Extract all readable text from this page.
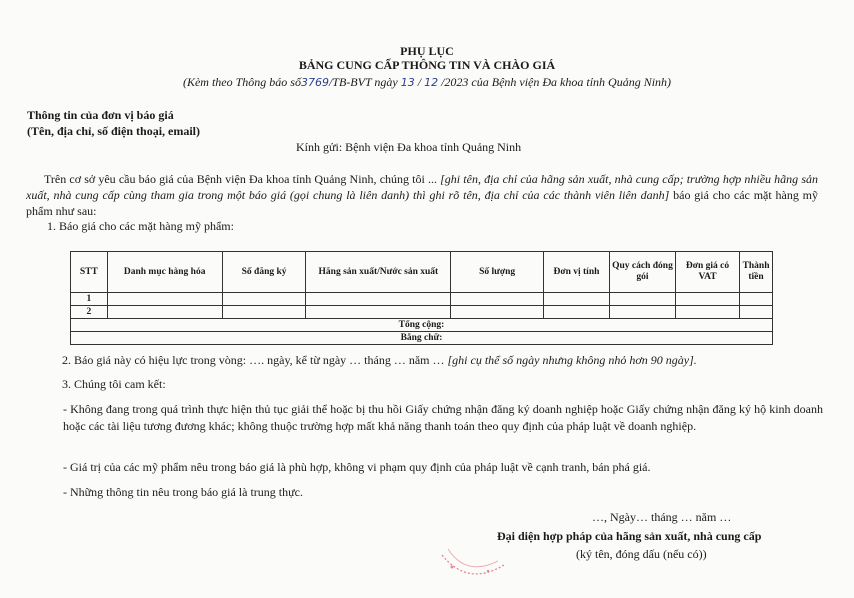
PHỤ LỤC
BẢNG CUNG CẤP THÔNG TIN VÀ CHÀO GIÁ
(Kèm theo Thông báo số3769/TB-BVT ngày 13 / 12 /2023 của Bệnh viện Đa khoa tỉnh Quảng Ninh)
Thông tin của đơn vị báo giá
(Tên, địa chỉ, số điện thoại, email)
Kính gửi: Bệnh viện Đa khoa tỉnh Quảng Ninh
Trên cơ sở yêu cầu báo giá của Bệnh viện Đa khoa tỉnh Quảng Ninh, chúng tôi ... [ghi tên, địa chỉ của hãng sản xuất, nhà cung cấp; trường hợp nhiều hãng sản xuất, nhà cung cấp cùng tham gia trong một báo giá (gọi chung là liên danh) thì ghi rõ tên, địa chỉ của các thành viên liên danh] báo giá cho các mặt hàng mỹ phẩm như sau:
1. Báo giá cho các mặt hàng mỹ phẩm:
STT	Danh mục hàng hóa	Số đăng ký	Hãng sản xuất/Nước sản xuất	Số lượng	Đơn vị tính	Quy cách đóng gói	Đơn giá có VAT	Thành tiền
1								
2								
Tổng cộng:								
Bằng chữ:								
2. Báo giá này có hiệu lực trong vòng: …. ngày, kể từ ngày … tháng … năm … [ghi cụ thể số ngày nhưng không nhỏ hơn 90 ngày].
3. Chúng tôi cam kết:
- Không đang trong quá trình thực hiện thủ tục giải thể hoặc bị thu hồi Giấy chứng nhận đăng ký doanh nghiệp hoặc Giấy chứng nhận đăng ký hộ kinh doanh hoặc các tài liệu tương đương khác; không thuộc trường hợp mất khả năng thanh toán theo quy định của pháp luật về doanh nghiệp.
- Giá trị của các mỹ phẩm nêu trong báo giá là phù hợp, không vi phạm quy định của pháp luật về cạnh tranh, bán phá giá.
- Những thông tin nêu trong báo giá là trung thực.
…, Ngày… tháng … năm …
Đại diện hợp pháp của hãng sản xuất, nhà cung cấp
(ký tên, đóng dấu (nếu có))
